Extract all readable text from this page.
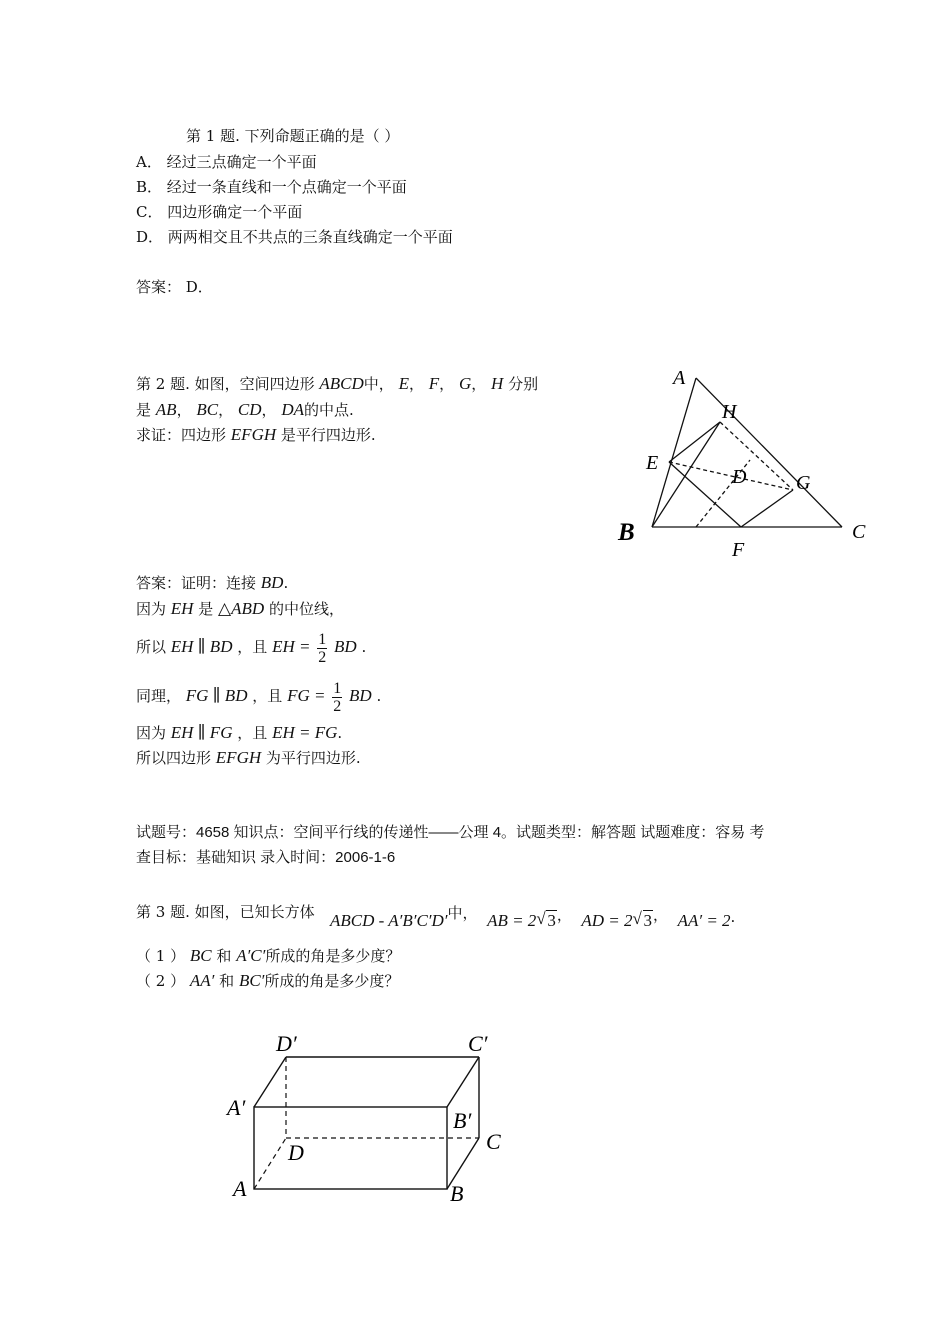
第 1 题. 下列命题正确的是（ ）
A． 经过三点确定一个平面
B． 经过一条直线和一个点确定一个平面
C． 四边形确定一个平面
D． 两两相交且不共点的三条直线确定一个平面
答案： D．
第 2 题. 如图，空间四边形 ABCD中， E， F， G， H 分别
是 AB， BC， CD， DA的中点.
求证：四边形 EFGH 是平行四边形.
A
H
E
D G
B	C
F
答案：证明：连接 BD.
因为 EH 是 △ABD 的中位线，
所以 EH ∥ BD ，且 EH = $\frac{1}{2}$ BD .
同理， FG ∥ BD ，且 FG = $\frac{1}{2}$ BD .
因为 EH ∥ FG ，且 EH = FG.
所以四边形 EFGH 为平行四边形.
试题号：4658 知识点：空间平行线的传递性——公理 4。试题类型：解答题 试题难度：容易 考
查目标：基础知识 录入时间：2006-1-6
第 3 题. 如图，已知长方体 ABCD - A′B′C′D′中， AB = 2 √ 3， AD = 2 √ 3， AA′ = 2.
（ 1 ） BC 和 A′C′所成的角是多少度？
（ 2 ） AA′ 和 BC′所成的角是多少度？
D′	C′
A′
B′
C
D
A	B
